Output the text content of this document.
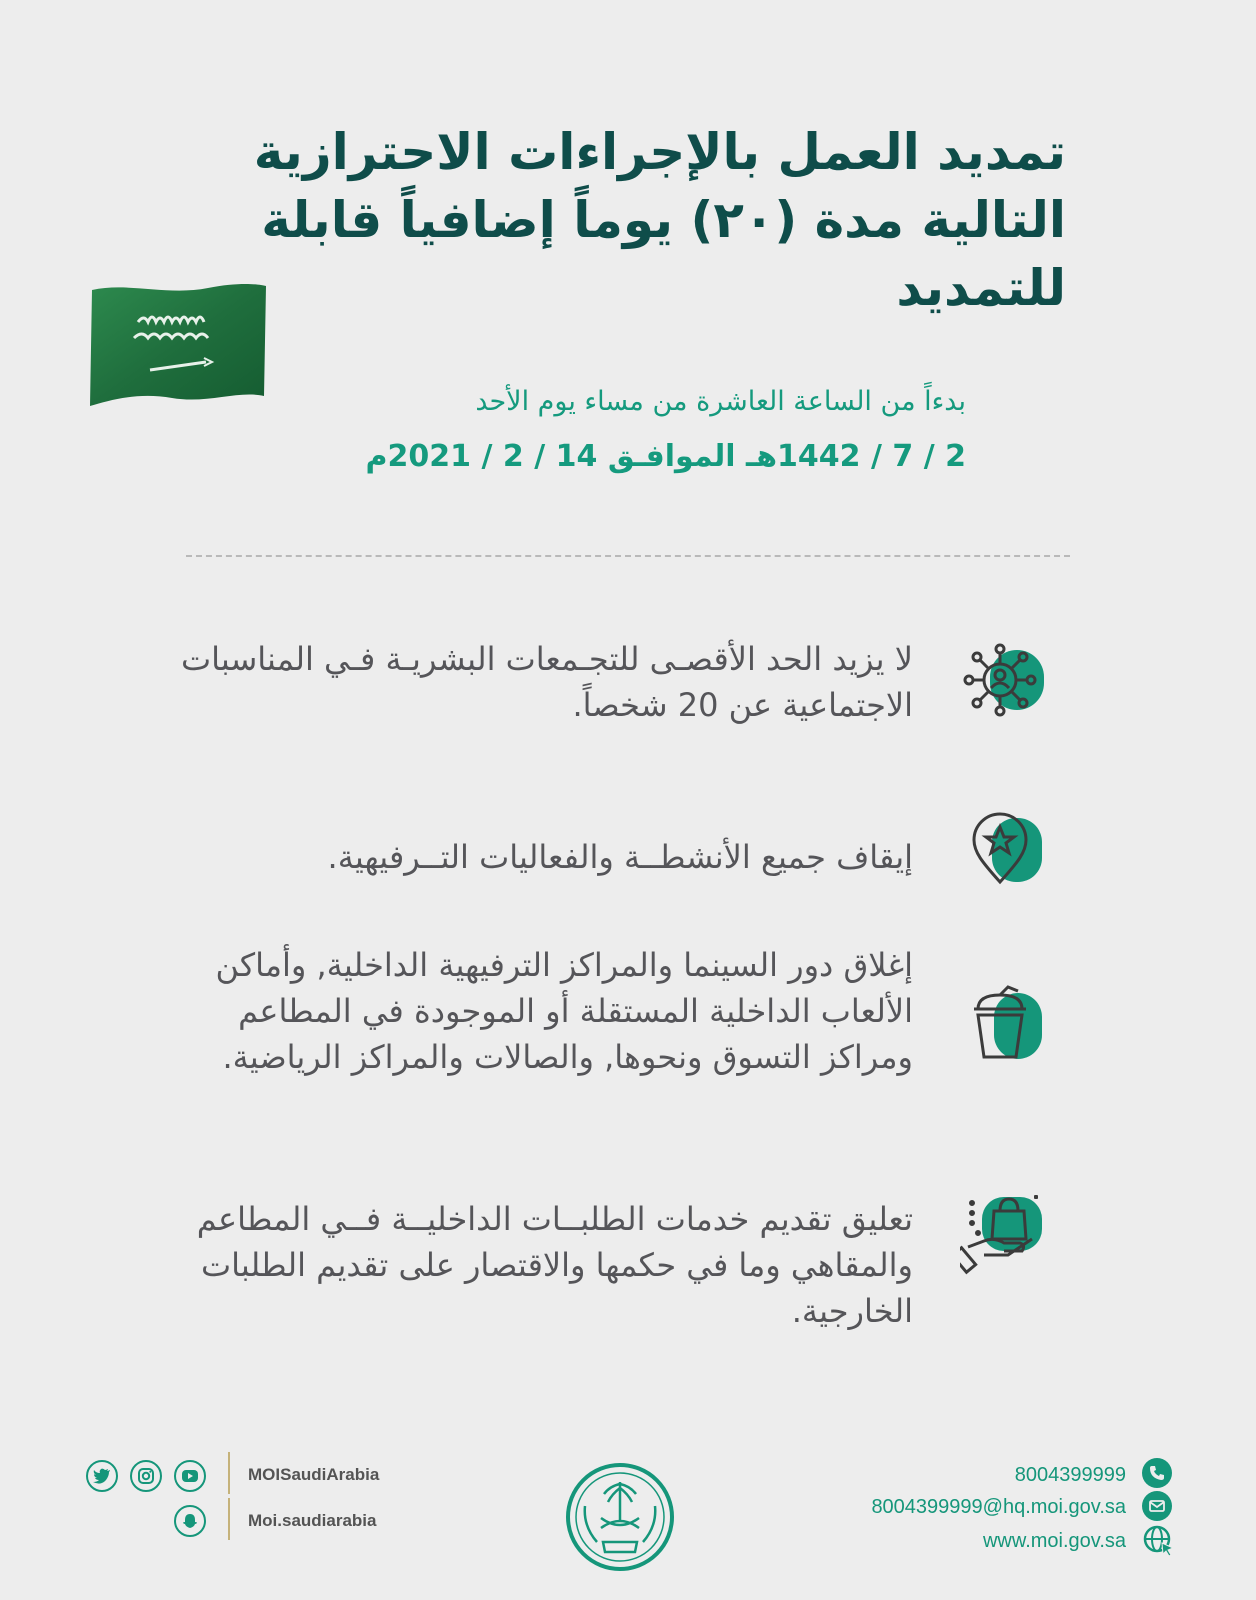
تمديد العمل بالإجراءات الاحترازية التالية مدة (٢٠) يوماً إضافياً قابلة للتمديد
بدءاً من الساعة العاشرة من مساء يوم الأحد
2 / 7 / 1442هـ الموافـق 14 / 2 / 2021م

لا يزيد الحد الأقصـى للتجـمعات البشريـة فـي المناسبات الاجتماعية عن 20 شخصاً.

إيقاف جميع الأنشطــة والفعاليات التــرفيهية.

إغلاق دور السينما والمراكز الترفيهية الداخلية, وأماكن الألعاب الداخلية المستقلة أو الموجودة في المطاعم ومراكز التسوق ونحوها, والصالات والمراكز الرياضية.

تعليق تقديم خدمات الطلبــات الداخليــة فــي المطاعم والمقاهي وما في حكمها والاقتصار على تقديم الطلبات الخارجية.

MOISaudiArabia
Moi.saudiarabia
8004399999
8004399999@hq.moi.gov.sa
www.moi.gov.sa
